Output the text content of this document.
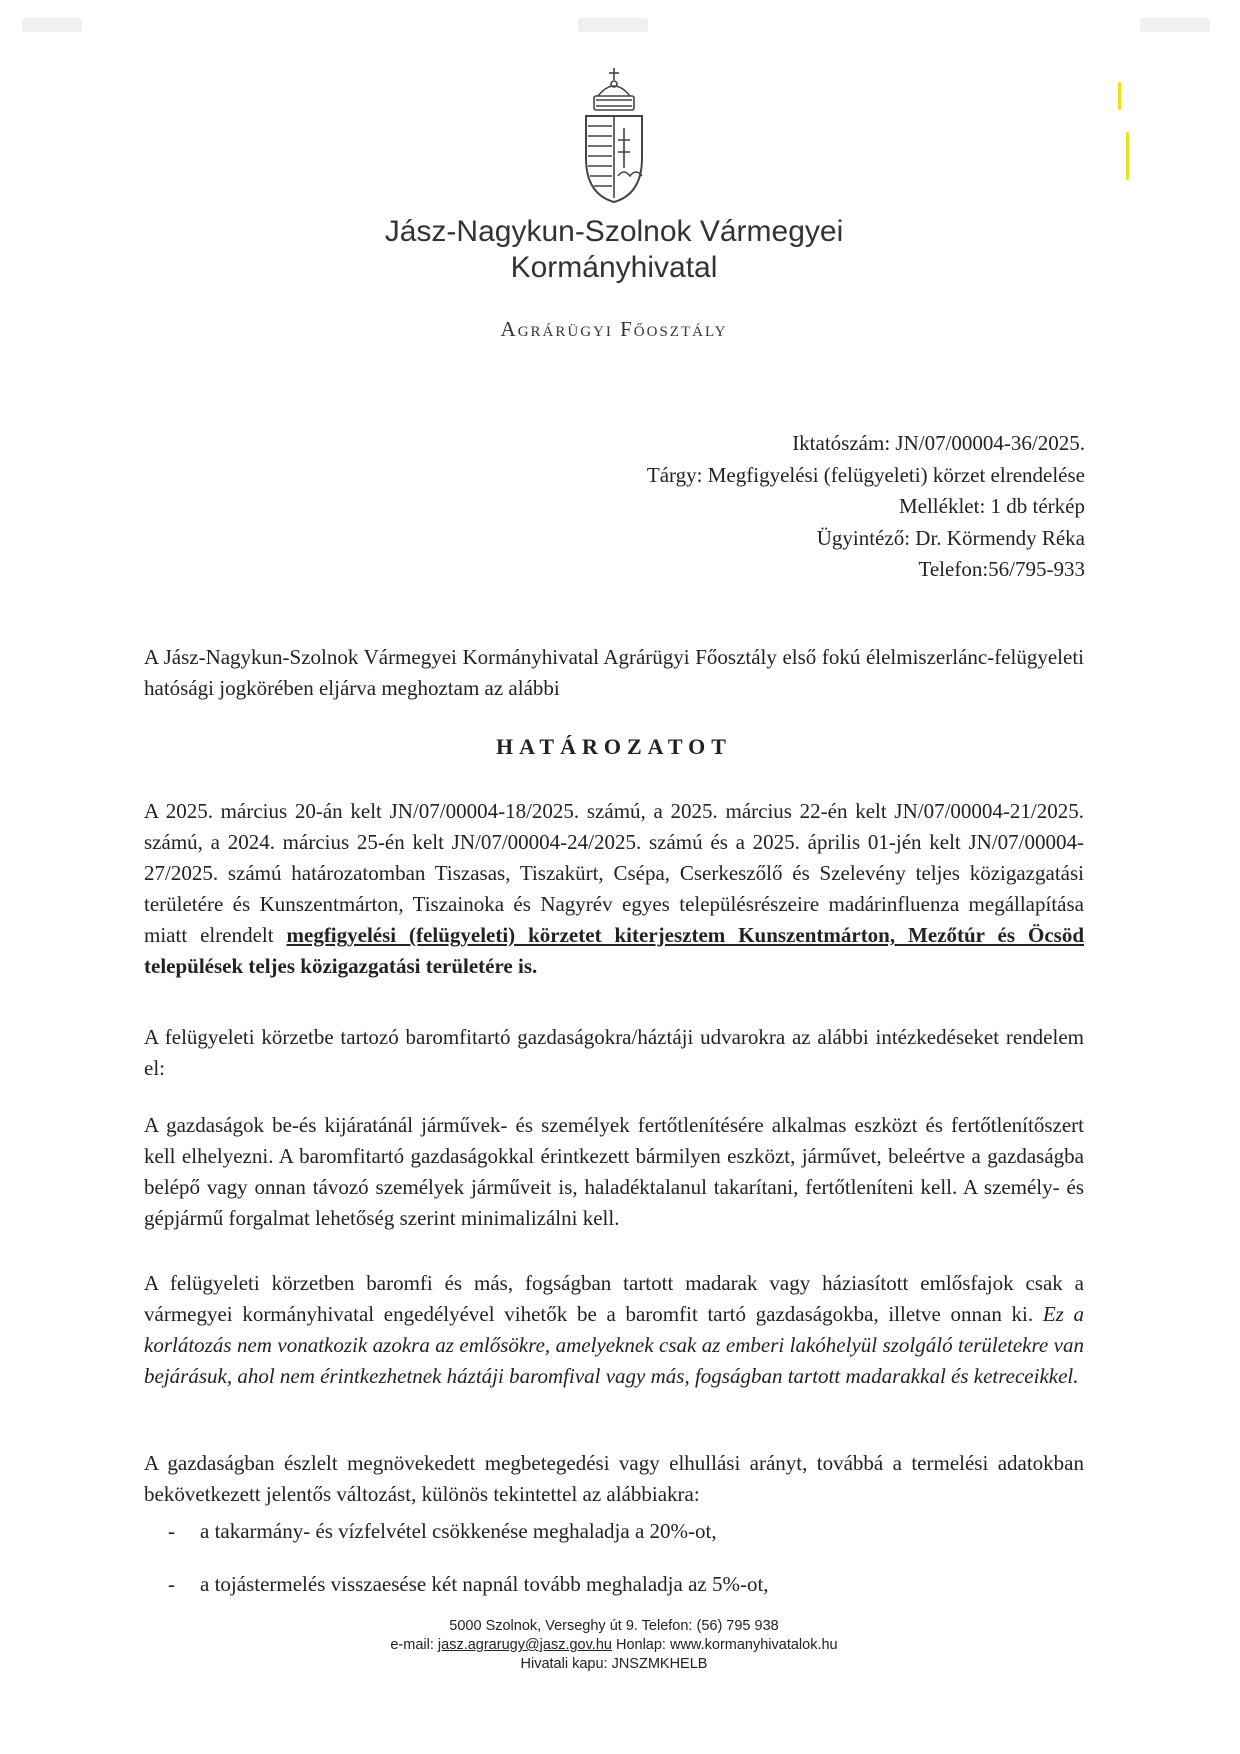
Jász-Nagykun-Szolnok Vármegyei
Kormányhivatal
Agrárügyi Főosztály
Iktatószám: JN/07/00004-36/2025.
Tárgy: Megfigyelési (felügyeleti) körzet elrendelése
Melléklet: 1 db térkép
Ügyintéző: Dr. Körmendy Réka
Telefon:56/795-933

A Jász-Nagykun-Szolnok Vármegyei Kormányhivatal Agrárügyi Főosztály első fokú élelmiszerlánc-felügyeleti hatósági jogkörében eljárva meghoztam az alábbi

HATÁROZATOT

A 2025. március 20-án kelt JN/07/00004-18/2025. számú, a 2025. március 22-én kelt JN/07/00004-21/2025. számú, a 2024. március 25-én kelt JN/07/00004-24/2025. számú és a 2025. április 01-jén kelt JN/07/00004-27/2025. számú határozatomban Tiszasas, Tiszakürt, Csépa, Cserkeszőlő és Szelevény teljes közigazgatási területére és Kunszentmárton, Tiszainoka és Nagyrév egyes településrészeire madárinfluenza megállapítása miatt elrendelt megfigyelési (felügyeleti) körzetet kiterjesztem Kunszentmárton, Mezőtúr és Öcsöd települések teljes közigazgatási területére is.

A felügyeleti körzetbe tartozó baromfitartó gazdaságokra/háztáji udvarokra az alábbi intézkedéseket rendelem el:

A gazdaságok be-és kijáratánál járművek- és személyek fertőtlenítésére alkalmas eszközt és fertőtlenítőszert kell elhelyezni. A baromfitartó gazdaságokkal érintkezett bármilyen eszközt, járművet, beleértve a gazdaságba belépő vagy onnan távozó személyek járműveit is, haladéktalanul takarítani, fertőtleníteni kell. A személy- és gépjármű forgalmat lehetőség szerint minimalizálni kell.

A felügyeleti körzetben baromfi és más, fogságban tartott madarak vagy háziasított emlősfajok csak a vármegyei kormányhivatal engedélyével vihetők be a baromfit tartó gazdaságokba, illetve onnan ki. Ez a korlátozás nem vonatkozik azokra az emlősökre, amelyeknek csak az emberi lakóhelyül szolgáló területekre van bejárásuk, ahol nem érintkezhetnek háztáji baromfival vagy más, fogságban tartott madarakkal és ketreceikkel.

A gazdaságban észlelt megnövekedett megbetegedési vagy elhullási arányt, továbbá a termelési adatokban bekövetkezett jelentős változást, különös tekintettel az alábbiakra:

- a takarmány- és vízfelvétel csökkenése meghaladja a 20%-ot,
- a tojástermelés visszaesése két napnál tovább meghaladja az 5%-ot,
5000 Szolnok, Verseghy út 9. Telefon: (56) 795 938
e-mail: jasz.agrarugy@jasz.gov.hu Honlap: www.kormanyhivatalok.hu
Hivatali kapu: JNSZMKHELB
